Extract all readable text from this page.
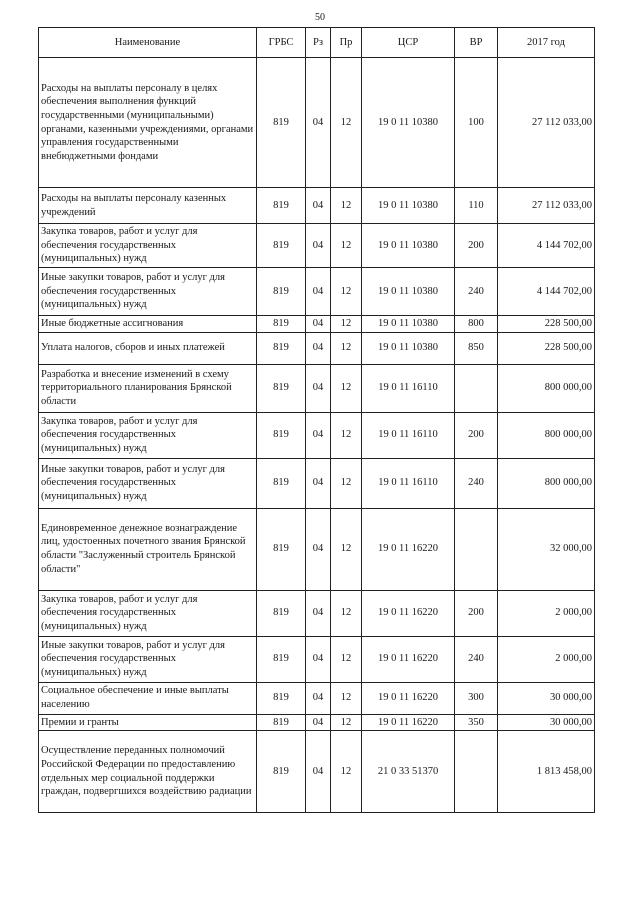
50
Наименование	ГРБС	Рз	Пр	ЦСР	ВР	2017 год
Расходы на выплаты персоналу в целях обеспечения выполнения функций государственными (муниципальными) органами, казенными учреждениями, органами управления государственными внебюджетными фондами	819	04	12	19 0 11 10380	100	27 112 033,00
Расходы на выплаты персоналу казенных учреждений	819	04	12	19 0 11 10380	110	27 112 033,00
Закупка товаров, работ и услуг для обеспечения государственных (муниципальных) нужд	819	04	12	19 0 11 10380	200	4 144 702,00
Иные закупки товаров, работ и услуг для обеспечения государственных (муниципальных) нужд	819	04	12	19 0 11 10380	240	4 144 702,00
Иные бюджетные ассигнования	819	04	12	19 0 11 10380	800	228 500,00
Уплата налогов, сборов и иных платежей	819	04	12	19 0 11 10380	850	228 500,00
Разработка и внесение изменений в схему территориального планирования Брянской области	819	04	12	19 0 11 16110		800 000,00
Закупка товаров, работ и услуг для обеспечения государственных (муниципальных) нужд	819	04	12	19 0 11 16110	200	800 000,00
Иные закупки товаров, работ и услуг для обеспечения государственных (муниципальных) нужд	819	04	12	19 0 11 16110	240	800 000,00
Единовременное денежное вознаграждение лиц, удостоенных почетного звания Брянской области "Заслуженный строитель Брянской области"	819	04	12	19 0 11 16220		32 000,00
Закупка товаров, работ и услуг для обеспечения государственных (муниципальных) нужд	819	04	12	19 0 11 16220	200	2 000,00
Иные закупки товаров, работ и услуг для обеспечения государственных (муниципальных) нужд	819	04	12	19 0 11 16220	240	2 000,00
Социальное обеспечение и иные выплаты населению	819	04	12	19 0 11 16220	300	30 000,00
Премии и гранты	819	04	12	19 0 11 16220	350	30 000,00
Осуществление переданных полномочий Российской Федерации по предоставлению отдельных мер социальной поддержки граждан, подвергшихся воздействию радиации	819	04	12	21 0 33 51370		1 813 458,00
